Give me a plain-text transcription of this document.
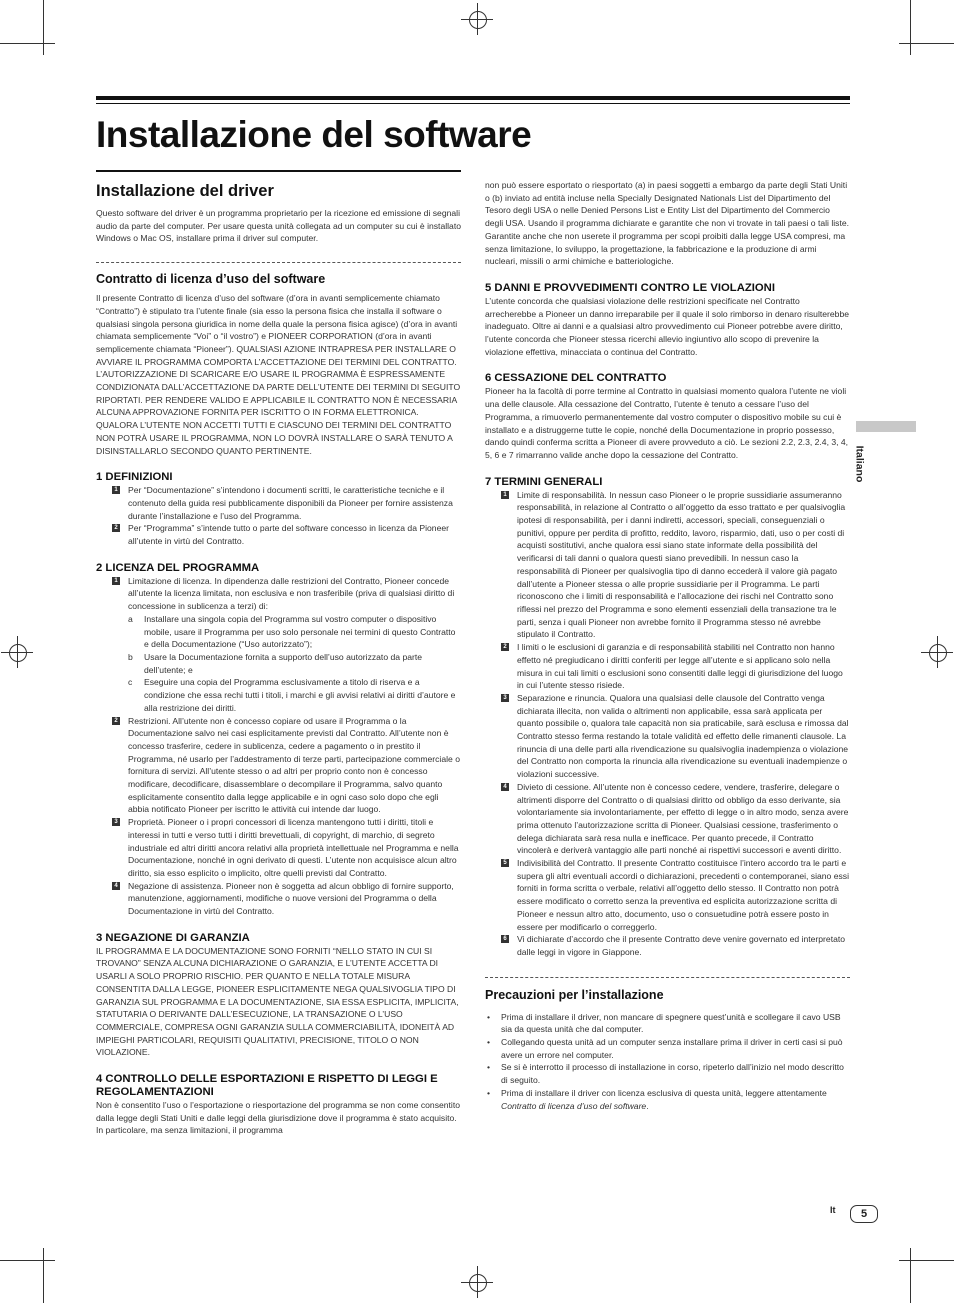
Installazione del software
Italiano
Installazione del driver
Questo software del driver è un programma proprietario per la ricezione ed emissione di segnali audio da parte del computer. Per usare questa unità collegata ad un computer su cui è installato Windows o Mac OS, installare prima il driver sul computer.
Contratto di licenza d’uso del software
Il presente Contratto di licenza d’uso del software (d’ora in avanti semplicemente chiamato “Contratto”) è stipulato tra l’utente finale (sia esso la persona fisica che installa il software o qualsiasi singola persona giuridica in nome della quale la persona fisica agisce) (d’ora in avanti chiamata semplicemente “Voi” o “il vostro”) e PIONEER CORPORATION (d’ora in avanti semplicemente chiamata “Pioneer”). QUALSIASI AZIONE INTRAPRESA PER INSTALLARE O AVVIARE IL PROGRAMMA COMPORTA L’ACCETTAZIONE DEI TERMINI DEL CONTRATTO. L’AUTORIZZAZIONE DI SCARICARE E/O USARE IL PROGRAMMA È ESPRESSAMENTE CONDIZIONATA DALL’ACCETTAZIONE DA PARTE DELL’UTENTE DEI TERMINI DI SEGUITO RIPORTATI. PER RENDERE VALIDO E APPLICABILE IL CONTRATTO NON È NECESSARIA ALCUNA APPROVAZIONE FORNITA PER ISCRITTO O IN FORMA ELETTRONICA. QUALORA L’UTENTE NON ACCETTI TUTTI E CIASCUNO DEI TERMINI DEL CONTRATTO NON POTRÀ USARE IL PROGRAMMA, NON LO DOVRÀ INSTALLARE O SARÀ TENUTO A DISINSTALLARLO SECONDO QUANTO PERTINENTE.
1 DEFINIZIONI
1 Per “Documentazione” s’intendono i documenti scritti, le caratteristiche tecniche e il contenuto della guida resi pubblicamente disponibili da Pioneer per fornire assistenza durante l’installazione e l’uso del Programma.
2 Per “Programma” s’intende tutto o parte del software concesso in licenza da Pioneer all’utente in virtù del Contratto.
2 LICENZA DEL PROGRAMMA
1 Limitazione di licenza. In dipendenza dalle restrizioni del Contratto, Pioneer concede all’utente la licenza limitata, non esclusiva e non trasferibile (priva di qualsiasi diritto di concessione in sublicenza a terzi) di:
a Installare una singola copia del Programma sul vostro computer o dispositivo mobile, usare il Programma per uso solo personale nei termini di questo Contratto e della Documentazione (“Uso autorizzato”);
b Usare la Documentazione fornita a supporto dell’uso autorizzato da parte dell’utente; e
c Eseguire una copia del Programma esclusivamente a titolo di riserva e a condizione che essa rechi tutti i titoli, i marchi e gli avvisi relativi ai diritti d’autore e alla restrizione dei diritti.
2 Restrizioni. All’utente non è concesso copiare od usare il Programma o la Documentazione salvo nei casi esplicitamente previsti dal Contratto. All’utente non è concesso trasferire, cedere in sublicenza, cedere a pagamento o in prestito il Programma, né usarlo per l’addestramento di terze parti, partecipazione commerciale o fornitura di servizi. All’utente stesso o ad altri per proprio conto non è concesso modificare, decodificare, disassemblare o decompilare il Programma, salvo quanto esplicitamente consentito dalla legge applicabile e in ogni caso solo dopo che egli abbia notificato Pioneer per iscritto le attività cui intende dar luogo.
3 Proprietà. Pioneer o i propri concessori di licenza mantengono tutti i diritti, titoli e interessi in tutti e verso tutti i diritti brevettuali, di copyright, di marchio, di segreto industriale ed altri diritti ancora relativi alla proprietà intellettuale nel Programma e nella Documentazione, nonché in ogni derivato di questi. L’utente non acquisisce alcun altro diritto, sia esso esplicito o implicito, oltre quelli previsti dal Contratto.
4 Negazione di assistenza. Pioneer non è soggetta ad alcun obbligo di fornire supporto, manutenzione, aggiornamenti, modifiche o nuove versioni del Programma o della Documentazione in virtù del Contratto.
3 NEGAZIONE DI GARANZIA
IL PROGRAMMA E LA DOCUMENTAZIONE SONO FORNITI “NELLO STATO IN CUI SI TROVANO” SENZA ALCUNA DICHIARAZIONE O GARANZIA, E L’UTENTE ACCETTA DI USARLI A SOLO PROPRIO RISCHIO. PER QUANTO E NELLA TOTALE MISURA CONSENTITA DALLA LEGGE, PIONEER ESPLICITAMENTE NEGA QUALSIVOGLIA TIPO DI GARANZIA SUL PROGRAMMA E LA DOCUMENTAZIONE, SIA ESSA ESPLICITA, IMPLICITA, STATUTARIA O DERIVANTE DALL’ESECUZIONE, LA TRANSAZIONE O L’USO COMMERCIALE, COMPRESA OGNI GARANZIA SULLA COMMERCIABILITÀ, IDONEITÀ AD IMPIEGHI PARTICOLARI, REQUISITI QUALITATIVI, PRECISIONE, TITOLO O NON VIOLAZIONE.
4 CONTROLLO DELLE ESPORTAZIONI E RISPETTO DI LEGGI E REGOLAMENTAZIONI
Non è consentito l’uso o l’esportazione o riesportazione del programma se non come consentito dalla legge degli Stati Uniti e dalle leggi della giurisdizione dove il programma è stato acquisito. In particolare, ma senza limitazioni, il programma
non può essere esportato o riesportato (a) in paesi soggetti a embargo da parte degli Stati Uniti o (b) inviato ad entità incluse nella Specially Designated Nationals List del Dipartimento del Tesoro degli USA o nelle Denied Persons List e Entity List del Dipartimento del Commercio degli USA. Usando il programma dichiarate e garantite che non vi trovate in tali paesi o tali liste. Garantite anche che non userete il programma per scopi proibiti dalla legge USA compresi, ma senza limitazione, lo sviluppo, la progettazione, la fabbricazione e la produzione di armi nucleari, missili o armi chimiche e batteriologiche.
5 DANNI E PROVVEDIMENTI CONTRO LE VIOLAZIONI
L’utente concorda che qualsiasi violazione delle restrizioni specificate nel Contratto arrecherebbe a Pioneer un danno irreparabile per il quale il solo rimborso in denaro risulterebbe inadeguato. Oltre ai danni e a qualsiasi altro provvedimento cui Pioneer potrebbe avere diritto, l’utente concorda che Pioneer stessa ricerchi allevio ingiuntivo allo scopo di prevenire la violazione effettiva, minacciata o continua del Contratto.
6 CESSAZIONE DEL CONTRATTO
Pioneer ha la facoltà di porre termine al Contratto in qualsiasi momento qualora l’utente ne violi una delle clausole. Alla cessazione del Contratto, l’utente è tenuto a cessare l’uso del Programma, a rimuoverlo permanentemente dal vostro computer o dispositivo mobile su cui è installato e a distruggerne tutte le copie, nonché della Documentazione in proprio possesso, dando quindi conferma scritta a Pioneer di avere provveduto a ciò. Le sezioni 2.2, 2.3, 2.4, 3, 4, 5, 6 e 7 rimarranno valide anche dopo la cessazione del Contratto.
7 TERMINI GENERALI
1 Limite di responsabilità. In nessun caso Pioneer o le proprie sussidiarie assumeranno responsabilità, in relazione al Contratto o all’oggetto da esso trattato e per qualsivoglia ipotesi di responsabilità, per i danni indiretti, accessori, speciali, conseguenziali o punitivi, oppure per perdita di profitto, reddito, lavoro, risparmio, dati, uso o per costi di acquisti sostitutivi, anche qualora essi siano state informate della possibilità del verificarsi di tali danni o qualora questi siano prevedibili. In nessun caso la responsabilità di Pioneer per qualsivoglia tipo di danno eccederà il valore già pagato dall’utente a Pioneer stessa o alle proprie sussidiarie per il Programma. Le parti riconoscono che i limiti di responsabilità e l’allocazione dei rischi nel Contratto sono riflessi nel prezzo del Programma e sono elementi essenziali della transazione tra le parti, senza i quali Pioneer non avrebbe fornito il Programma stesso né avrebbe stipulato il Contratto.
2 I limiti o le esclusioni di garanzia e di responsabilità stabiliti nel Contratto non hanno effetto né pregiudicano i diritti conferiti per legge all’utente e si applicano solo nella misura in cui tali limiti o esclusioni sono consentiti dalle leggi di giurisdizione del luogo in cui l’utente stesso risiede.
3 Separazione e rinuncia. Qualora una qualsiasi delle clausole del Contratto venga dichiarata illecita, non valida o altrimenti non applicabile, essa sarà applicata per quanto possibile o, qualora tale capacità non sia praticabile, sarà esclusa e rimossa dal Contratto stesso ferma restando la totale validità ed effetto delle rimanenti clausole. La rinuncia di una delle parti alla rivendicazione su qualsivoglia inadempienza o violazione del Contratto non comporta la rinuncia alla rivendicazione su eventuali inadempienze o violazioni successive.
4 Divieto di cessione. All’utente non è concesso cedere, vendere, trasferire, delegare o altrimenti disporre del Contratto o di qualsiasi diritto od obbligo da esso derivante, sia volontariamente sia involontariamente, per effetto di legge o in altro modo, senza avere prima ottenuto l’autorizzazione scritta di Pioneer. Qualsiasi cessione, trasferimento o delega dichiarata sarà resa nulla e inefficace. Per quanto precede, il Contratto vincolerà e deriverà vantaggio alle parti nonché ai rispettivi successori e aventi diritto.
5 Indivisibilità del Contratto. Il presente Contratto costituisce l’intero accordo tra le parti e supera gli altri eventuali accordi o dichiarazioni, precedenti o contemporanei, siano essi forniti in forma scritta o verbale, relativi all’oggetto dello stesso. Il Contratto non potrà essere modificato o corretto senza la preventiva ed esplicita autorizzazione scritta di Pioneer e nessun altro atto, documento, uso o consuetudine potrà essere posto in essere per modificarlo o correggerlo.
6 Vi dichiarate d’accordo che il presente Contratto deve venire governato ed interpretato dalle leggi in vigore in Giappone.
Precauzioni per l’installazione
• Prima di installare il driver, non mancare di spegnere quest’unità e scollegare il cavo USB sia da questa unità che dal computer.
• Collegando questa unità ad un computer senza installare prima il driver in certi casi si può avere un errore nel computer.
• Se si è interrotto il processo di installazione in corso, ripeterlo dall’inizio nel modo descritto di seguito.
• Prima di installare il driver con licenza esclusiva di questa unità, leggere attentamente Contratto di licenza d’uso del software.
It	5
